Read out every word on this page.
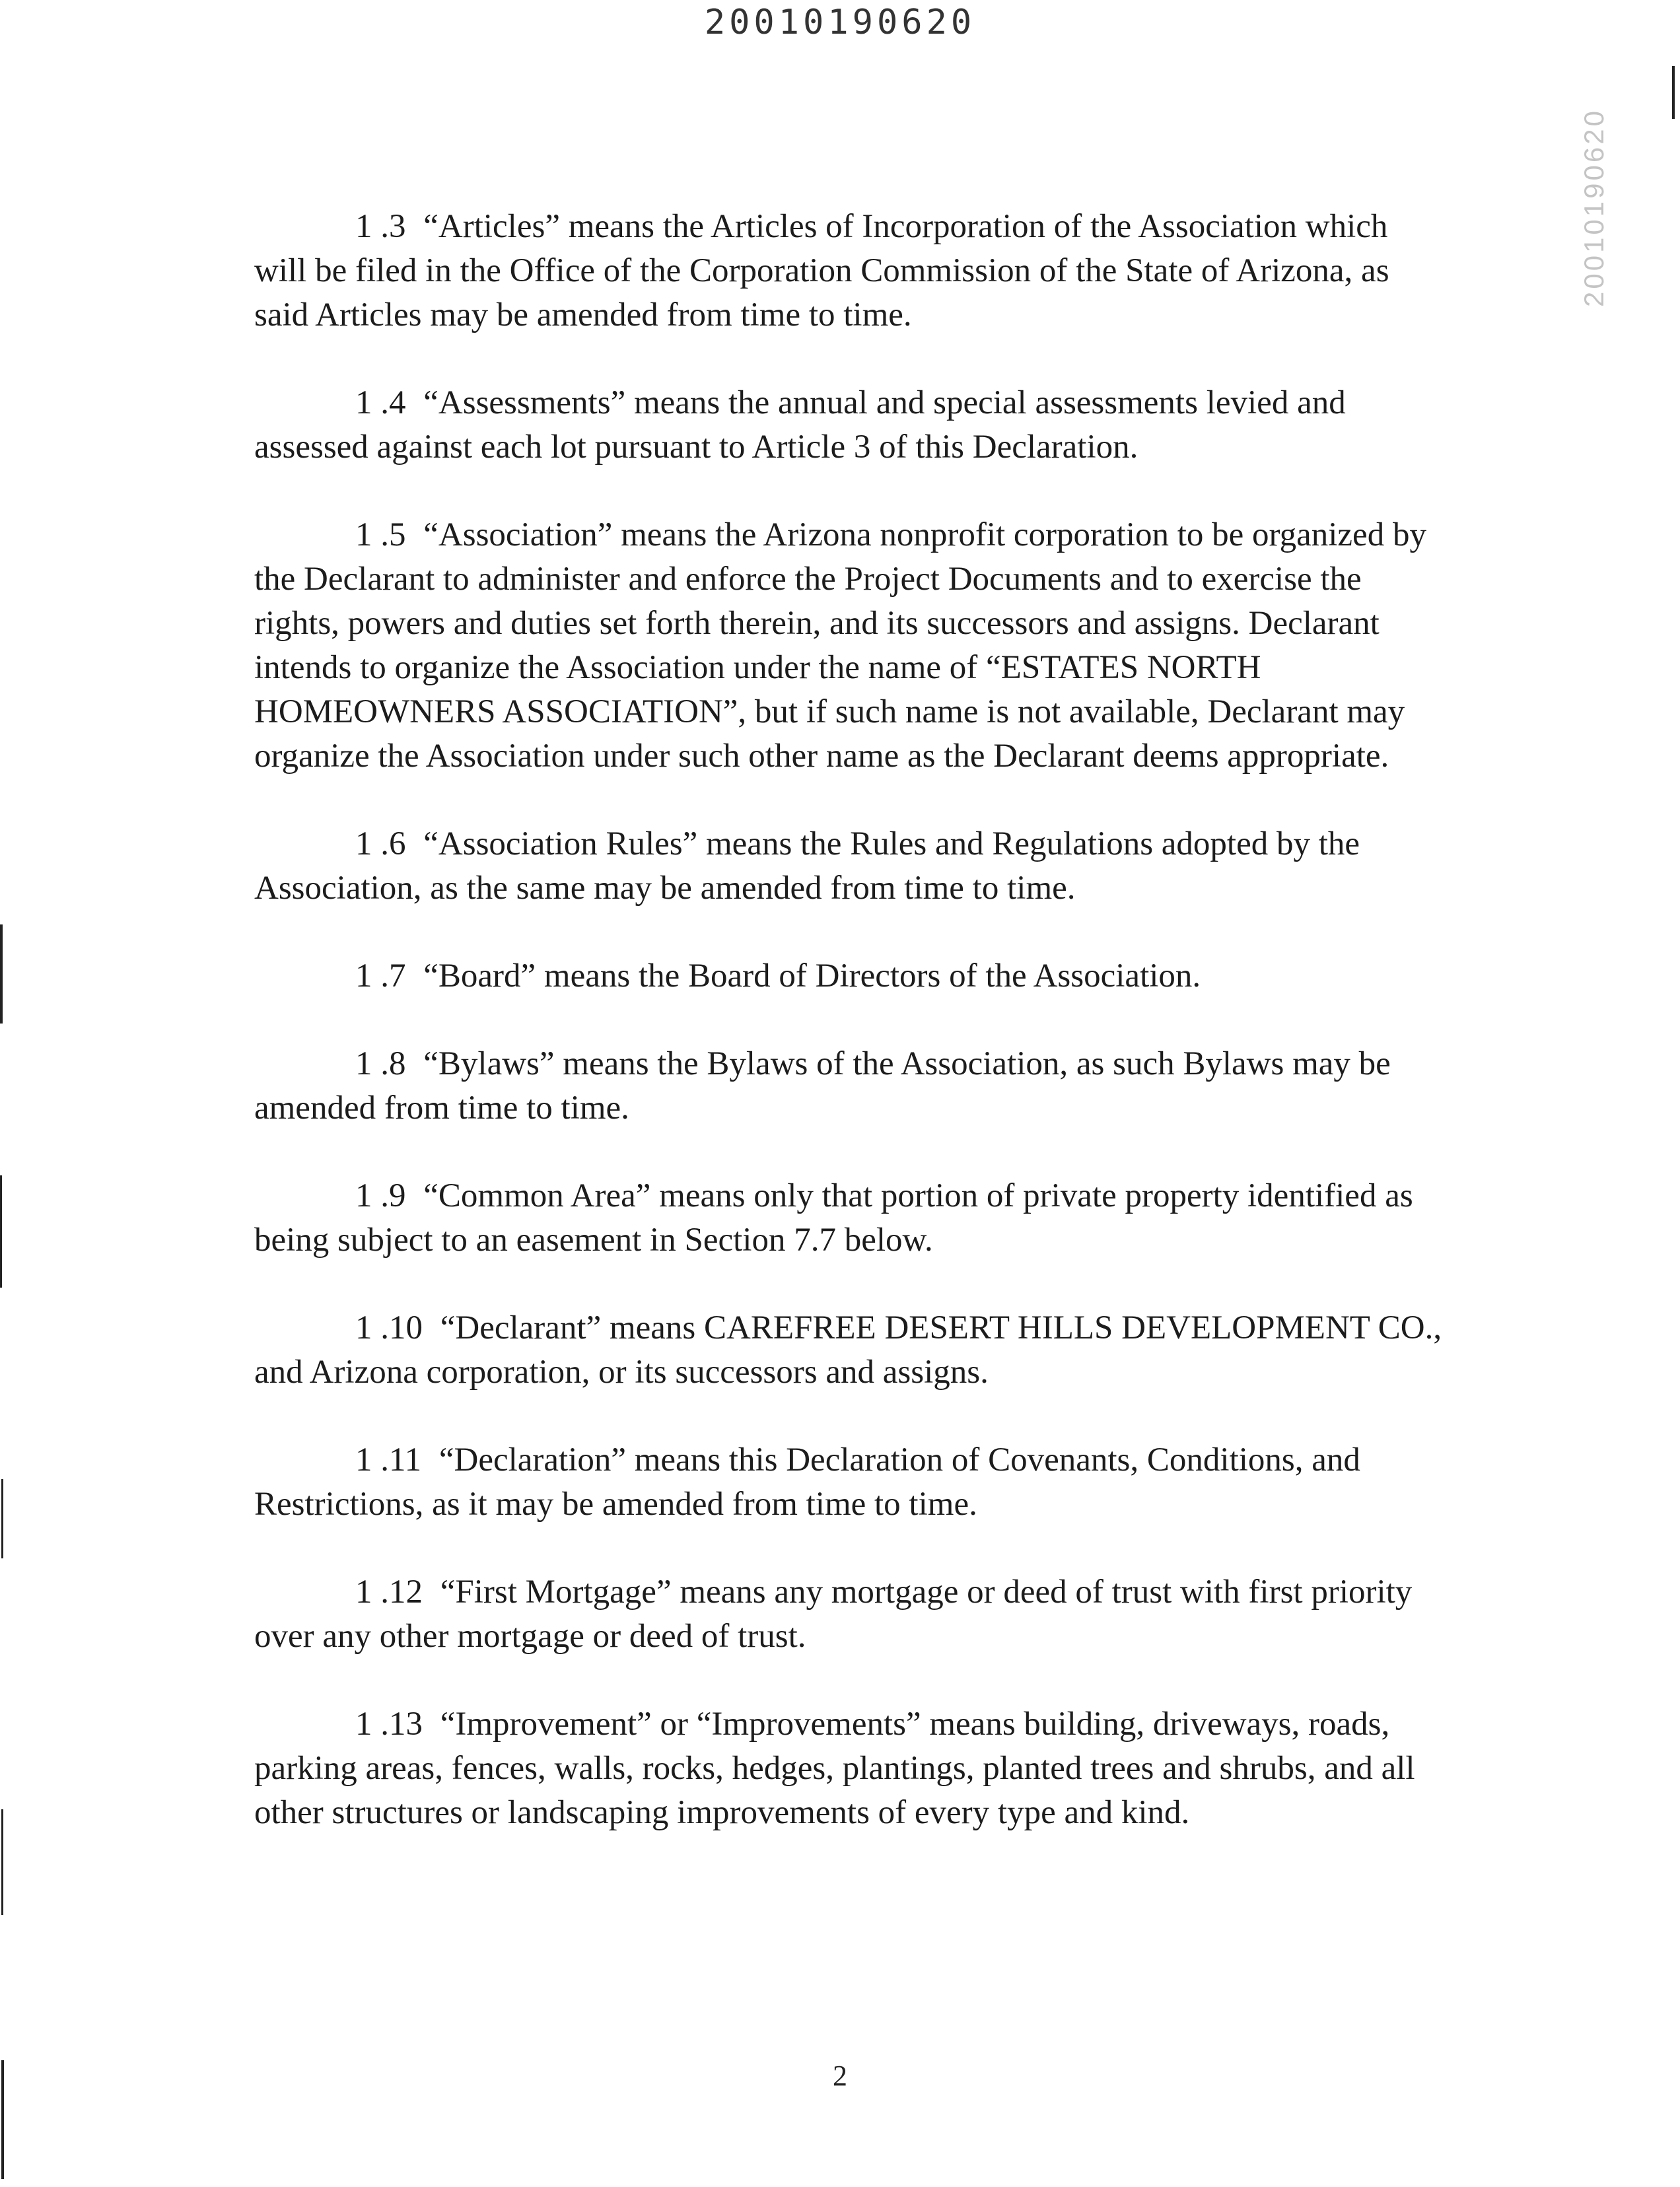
20010190620
20010190620

1 .3 “Articles” means the Articles of Incorporation of the Association which will be filed in the Office of the Corporation Commission of the State of Arizona, as said Articles may be amended from time to time.

1 .4 “Assessments” means the annual and special assessments levied and assessed against each lot pursuant to Article 3 of this Declaration.

1 .5 “Association” means the Arizona nonprofit corporation to be organized by the Declarant to administer and enforce the Project Documents and to exercise the rights, powers and duties set forth therein, and its successors and assigns. Declarant intends to organize the Association under the name of “ESTATES NORTH HOMEOWNERS ASSOCIATION”, but if such name is not available, Declarant may organize the Association under such other name as the Declarant deems appropriate.

1 .6 “Association Rules” means the Rules and Regulations adopted by the Association, as the same may be amended from time to time.

1 .7 “Board” means the Board of Directors of the Association.

1 .8 “Bylaws” means the Bylaws of the Association, as such Bylaws may be amended from time to time.

1 .9 “Common Area” means only that portion of private property identified as being subject to an easement in Section 7.7 below.

1 .10 “Declarant” means CAREFREE DESERT HILLS DEVELOPMENT CO., and Arizona corporation, or its successors and assigns.

1 .11 “Declaration” means this Declaration of Covenants, Conditions, and Restrictions, as it may be amended from time to time.

1 .12 “First Mortgage” means any mortgage or deed of trust with first priority over any other mortgage or deed of trust.

1 .13 “Improvement” or “Improvements” means building, driveways, roads, parking areas, fences, walls, rocks, hedges, plantings, planted trees and shrubs, and all other structures or landscaping improvements of every type and kind.

2
